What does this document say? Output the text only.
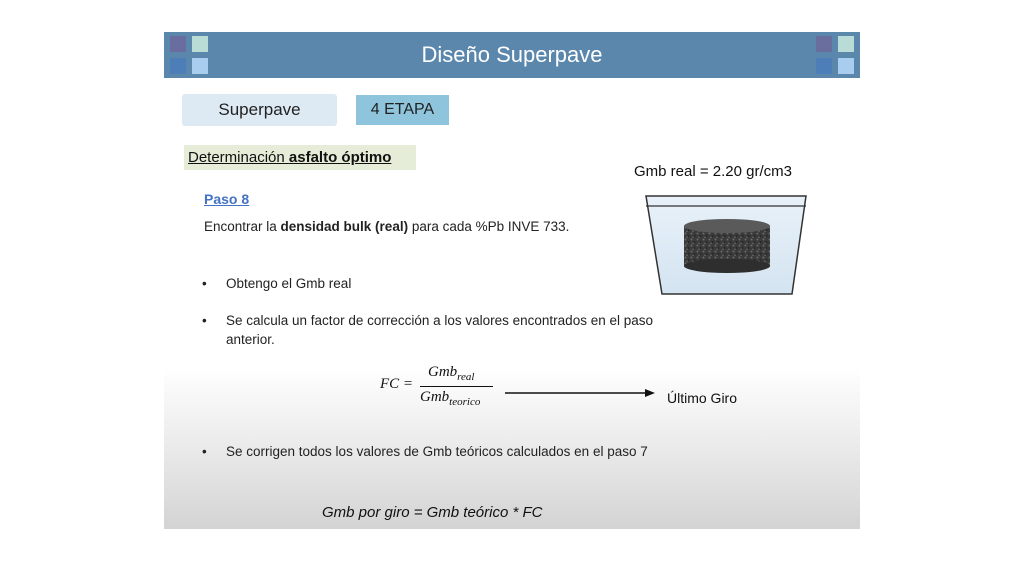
Diseño Superpave
Superpave	4 ETAPA
Determinación asfalto óptimo
Paso 8
Encontrar la densidad bulk (real) para cada %Pb INVE 733.
• Obtengo el Gmb real
• Se calcula un factor de corrección a los valores encontrados en el paso anterior.
Gmb real = 2.20 gr/cm3
FC =
Gmb$_{real}$
Gmb$_{teorico}$	Último Giro
• Se corrigen todos los valores de Gmb teóricos calculados en el paso 7
Gmb por giro = Gmb teórico * FC
